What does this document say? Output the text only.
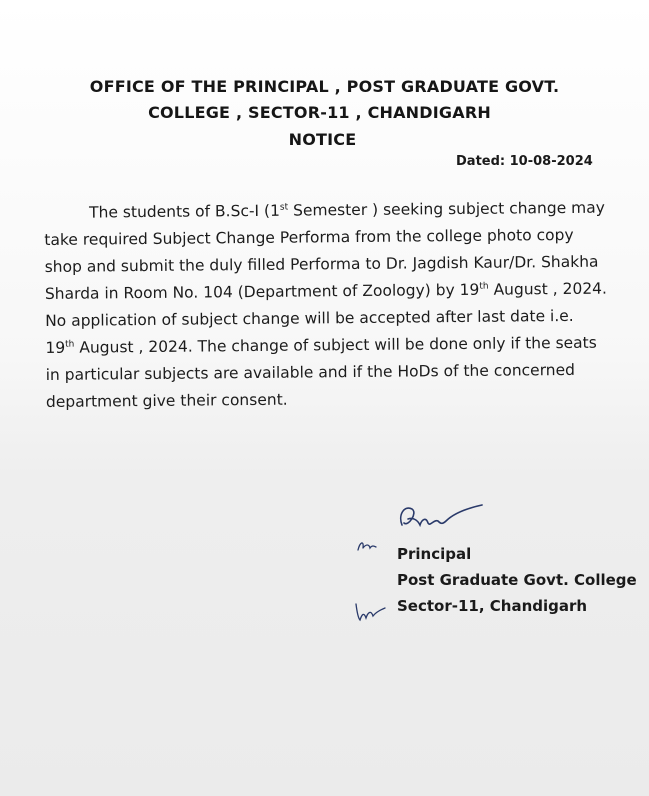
OFFICE OF THE PRINCIPAL , POST GRADUATE GOVT.
COLLEGE , SECTOR-11 , CHANDIGARH
NOTICE
Dated: 10-08-2024
The students of B.Sc-I (1st Semester ) seeking subject change may
take required Subject Change Performa from the college photo copy
shop and submit the duly filled Performa to Dr. Jagdish Kaur/Dr. Shakha
Sharda in Room No. 104 (Department of Zoology) by 19th August , 2024.
No application of subject change will be accepted after last date i.e.
19th August , 2024. The change of subject will be done only if the seats
in particular subjects are available and if the HoDs of the concerned
department give their consent.
Principal
Post Graduate Govt. College
Sector-11, Chandigarh
